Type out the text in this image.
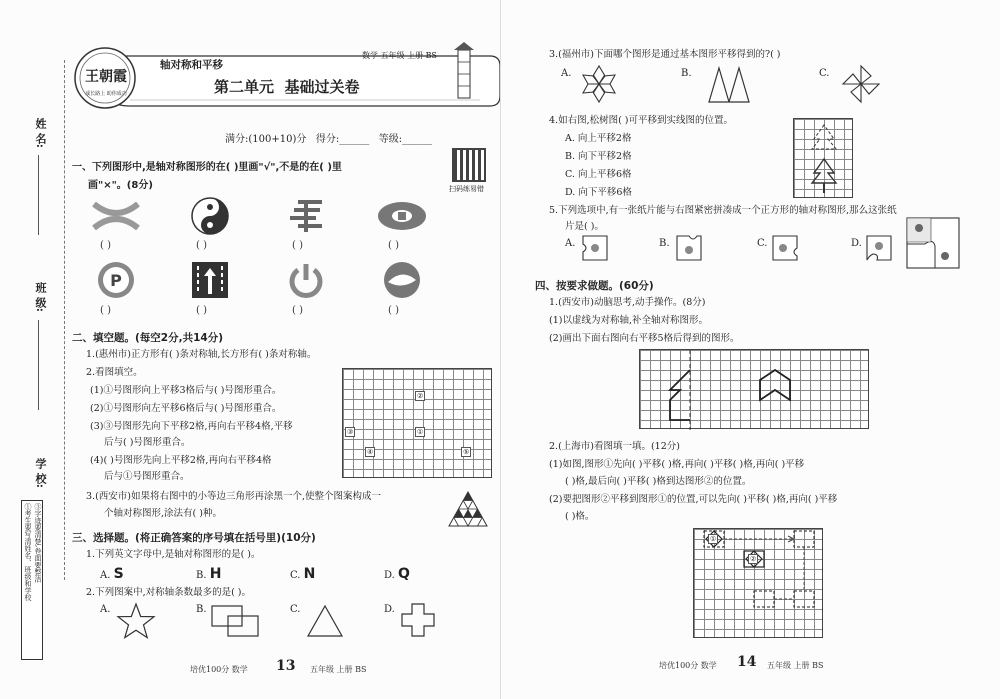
姓 名:
班 级:
学 校:
①考生要写清姓名、班级和学校 ③字迹要清楚,卷面要整洁
王朝霞
成长路上 助你成功
轴对称和平移
数学 五年级 上册 BS
第二单元  基础过关卷
满分:(100+10)分   得分:______   等级:______
扫码练易错
一、下列图形中,是轴对称图形的在( )里画"√",不是的在( )里
画"×"。(8分)
( )	( )	( )	( )
P
( )	( )	( )	( )
二、填空题。(每空2分,共14分)
1.(惠州市)正方形有( )条对称轴,长方形有( )条对称轴。
2.看图填空。
(1)①号图形向上平移3格后与( )号图形重合。
(2)①号图形向左平移6格后与( )号图形重合。
(3)③号图形先向下平移2格,再向右平移4格,平移
后与( )号图形重合。
(4)( )号图形先向上平移2格,再向右平移4格
后与①号图形重合。
②
③	①
④	⑤
3.(西安市)如果将右图中的小等边三角形再涂黑一个,使整个图案构成一
个轴对称图形,涂法有( )种。
三、选择题。(将正确答案的序号填在括号里)(10分)
1.下列英文字母中,是轴对称图形的是( )。
A. S	B. H	C. N	D. Q
2.下列图案中,对称轴条数最多的是( )。
A.	B.	C.	D.
培优100分 数学 13 五年级 上册 BS
3.(福州市)下面哪个图形是通过基本图形平移得到的?( )
A.	B.	C.
4.如右图,松树图( )可平移到实线图的位置。
A. 向上平移2格
B. 向下平移2格
C. 向上平移6格
D. 向下平移6格
5.下列选项中,有一张纸片能与右图紧密拼凑成一个正方形的轴对称图形,那么这张纸
片是( )。
A.	B.	C.	D.
四、按要求做题。(60分)
1.(西安市)动脑思考,动手操作。(8分)
(1)以虚线为对称轴,补全轴对称图形。
(2)画出下面右图向右平移5格后得到的图形。
2.(上海市)看图填一填。(12分)
(1)如图,图形①先向( )平移( )格,再向( )平移( )格,再向( )平移
( )格,最后向( )平移( )格到达图形②的位置。
(2)要把图形②平移到图形①的位置,可以先向( )平移( )格,再向( )平移
( )格。
①
②
培优100分 数学 14 五年级 上册 BS
